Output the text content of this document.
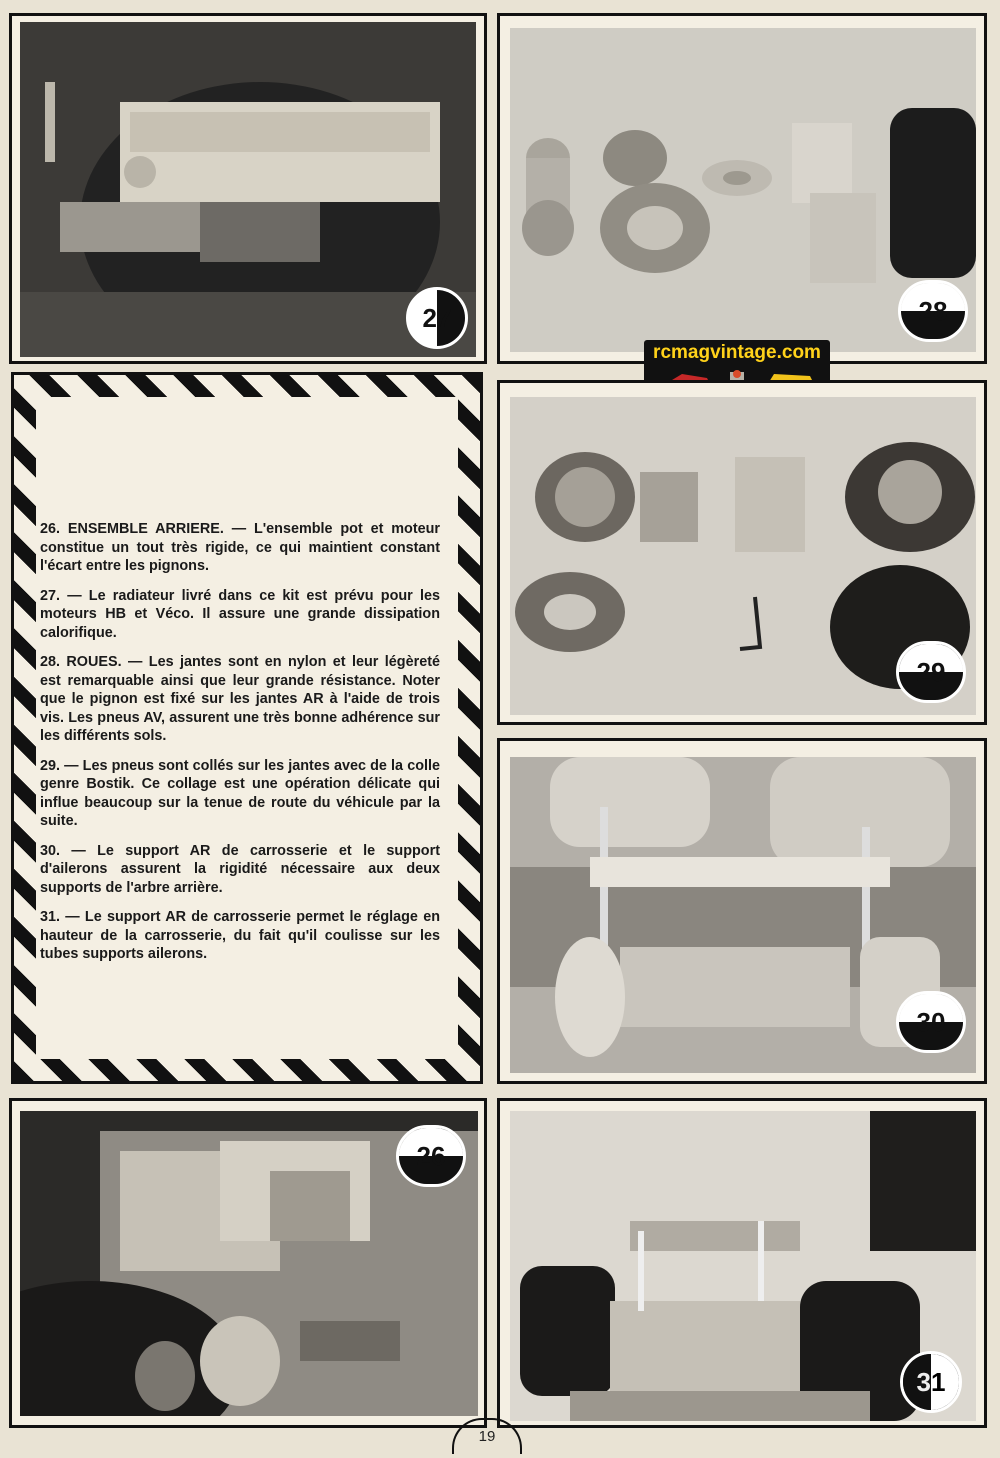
27	28
rcmagvintage.com
29

26. ENSEMBLE ARRIERE. — L'ensemble pot et moteur constitue un tout très rigide, ce qui maintient constant l'écart entre les pignons.

27. — Le radiateur livré dans ce kit est prévu pour les moteurs HB et Véco. Il assure une grande dissipation calorifique.

28. ROUES. — Les jantes sont en nylon et leur légèreté est remarquable ainsi que leur grande résistance. Noter que le pignon est fixé sur les jantes AR à l'aide de trois vis. Les pneus AV, assurent une très bonne adhérence sur les différents sols.

29. — Les pneus sont collés sur les jantes avec de la colle genre Bostik. Ce collage est une opération délicate qui influe beaucoup sur la tenue de route du véhicule par la suite.

30. — Le support AR de carrosserie et le support d'ailerons assurent la rigidité nécessaire aux deux supports de l'arbre arrière.

31. — Le support AR de carrosserie permet le réglage en hauteur de la carrosserie, du fait qu'il coulisse sur les tubes supports ailerons.

30
26
31
19
